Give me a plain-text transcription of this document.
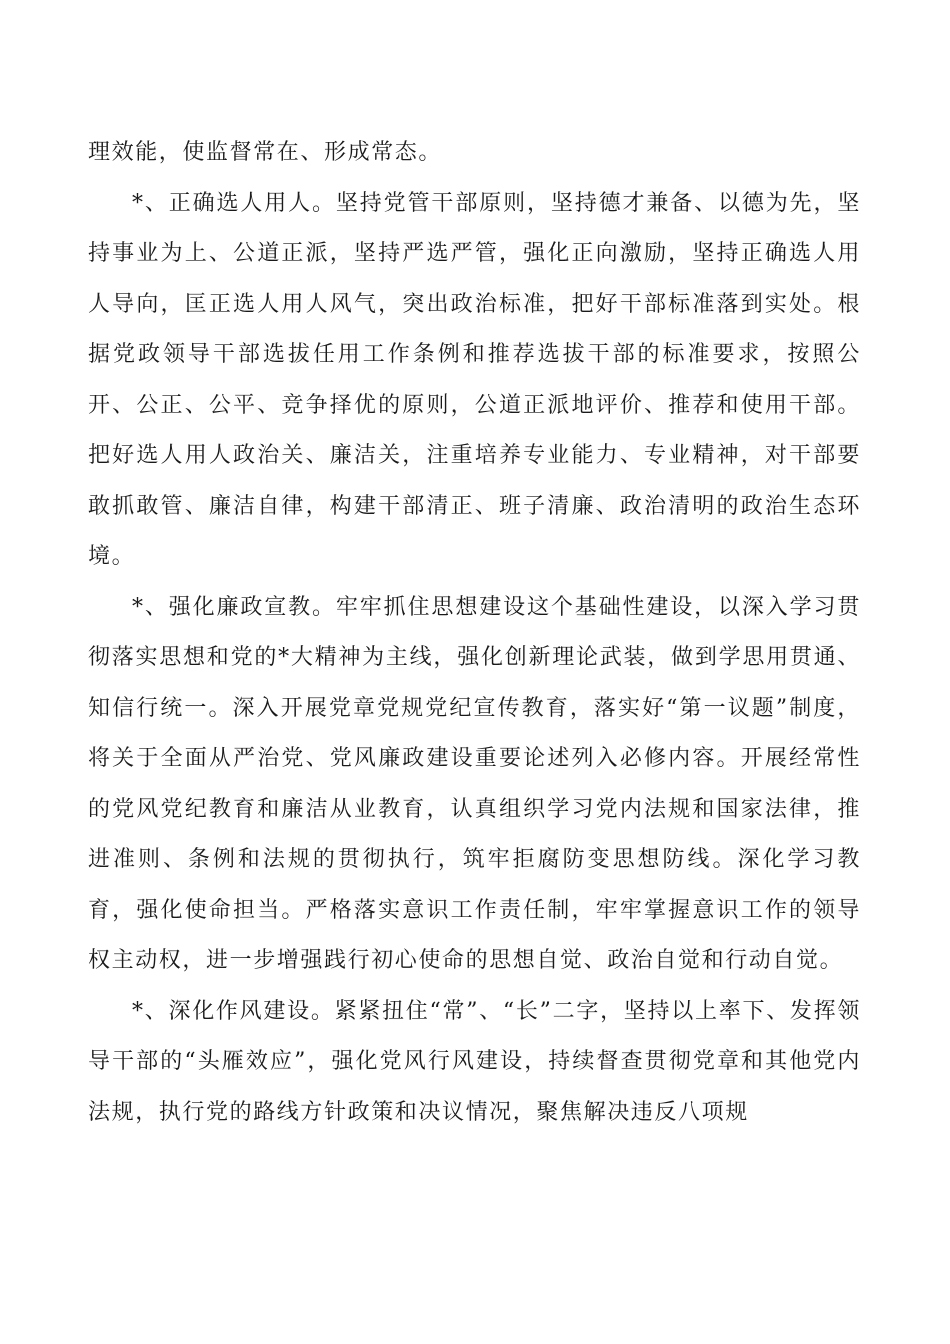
理效能，使监督常在、形成常态。

*、正确选人用人。坚持党管干部原则，坚持德才兼备、以德为先，坚持事业为上、公道正派，坚持严选严管，强化正向激励，坚持正确选人用人导向，匡正选人用人风气，突出政治标准，把好干部标准落到实处。根据党政领导干部选拔任用工作条例和推荐选拔干部的标准要求，按照公开、公正、公平、竞争择优的原则，公道正派地评价、推荐和使用干部。把好选人用人政治关、廉洁关，注重培养专业能力、专业精神，对干部要敢抓敢管、廉洁自律，构建干部清正、班子清廉、政治清明的政治生态环境。

*、强化廉政宣教。牢牢抓住思想建设这个基础性建设，以深入学习贯彻落实思想和党的*大精神为主线，强化创新理论武装，做到学思用贯通、知信行统一。深入开展党章党规党纪宣传教育，落实好“第一议题”制度，将关于全面从严治党、党风廉政建设重要论述列入必修内容。开展经常性的党风党纪教育和廉洁从业教育，认真组织学习党内法规和国家法律，推进准则、条例和法规的贯彻执行，筑牢拒腐防变思想防线。深化学习教育，强化使命担当。严格落实意识工作责任制，牢牢掌握意识工作的领导权主动权，进一步增强践行初心使命的思想自觉、政治自觉和行动自觉。

*、深化作风建设。紧紧扭住“常”、“长”二字，坚持以上率下、发挥领导干部的“头雁效应”，强化党风行风建设，持续督查贯彻党章和其他党内法规，执行党的路线方针政策和决议情况，聚焦解决违反八项规
